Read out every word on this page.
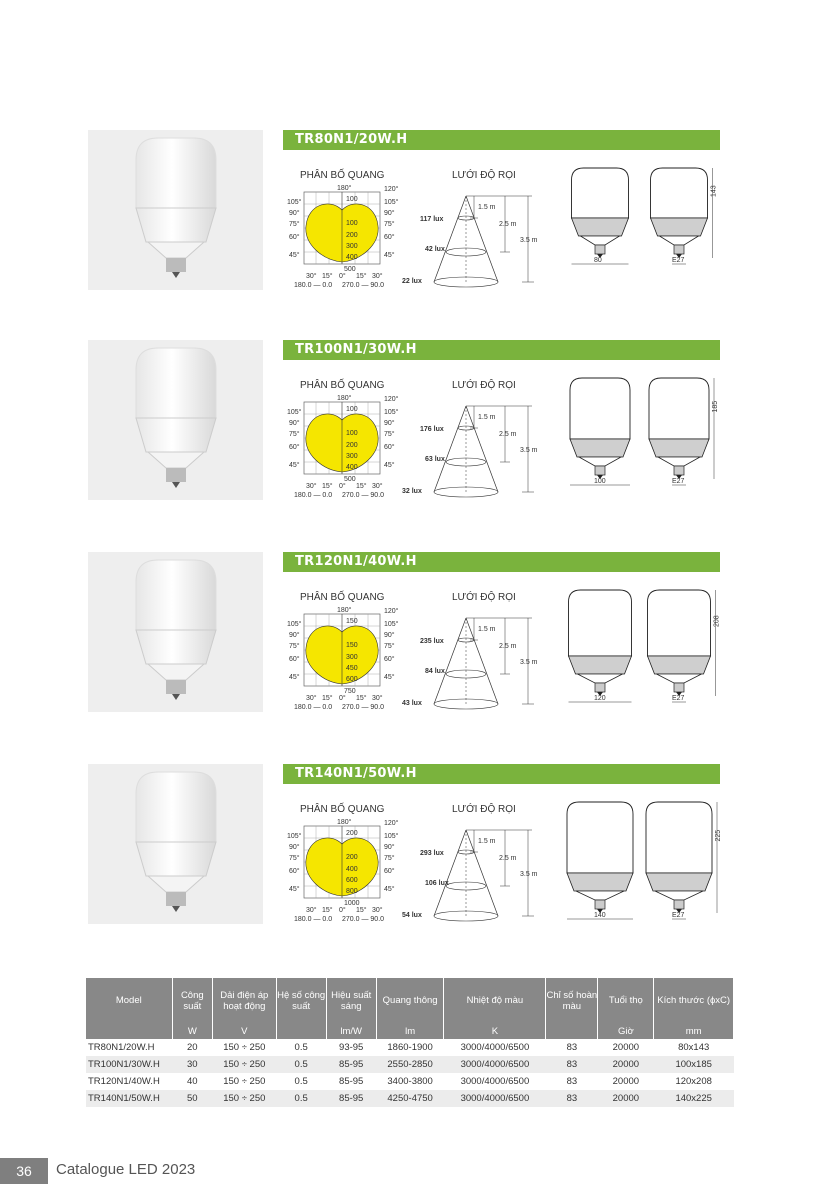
TR80N1/20W.H
PHÂN BỐ QUANG	LƯỚI ĐỘ RỌI
180°
100
100
200
300
400
500
105°
90°
75°
60°
45°
120°
105°
90°
75°
60°
45°
30° 15° 0° 15° 30°
180.0 — 0.0 270.0 — 90.0
1.5 m
2.5 m
3.5 m
117 lux
42 lux
22 lux
80	E27
143
TR100N1/30W.H
PHÂN BỐ QUANG	LƯỚI ĐỘ RỌI
180°
100
100
200
300
400
500
105°
90°
75°
60°
45°
120°
105°
90°
75°
60°
45°
30° 15° 0° 15° 30°
180.0 — 0.0 270.0 — 90.0
1.5 m
2.5 m
3.5 m
176 lux
63 lux
32 lux
100	E27
185
TR120N1/40W.H
PHÂN BỐ QUANG	LƯỚI ĐỘ RỌI
180°
150
150
300
450
600
750
105°
90°
75°
60°
45°
120°
105°
90°
75°
60°
45°
30° 15° 0° 15° 30°
180.0 — 0.0 270.0 — 90.0
1.5 m
2.5 m
3.5 m
235 lux
84 lux
43 lux
120	E27
208
TR140N1/50W.H
PHÂN BỐ QUANG	LƯỚI ĐỘ RỌI
180°
200
200
400
600
800
1000
105°
90°
75°
60°
45°
120°
105°
90°
75°
60°
45°
30° 15° 0° 15° 30°
180.0 — 0.0 270.0 — 90.0
1.5 m
2.5 m
3.5 m
293 lux
106 lux
54 lux	140	E27
225
Model	Công suất	Dải điện áp hoạt động	Hệ số công suất	Hiệu suất sáng	Quang thông	Nhiệt độ màu	Chỉ số hoàn màu	Tuổi thọ	Kích thước (ϕxC)
	W	V		lm/W	lm	K		Giờ	mm
TR80N1/20W.H	20	150 ÷ 250	0.5	93-95	1860-1900	3000/4000/6500	83	20000	80x143
TR100N1/30W.H	30	150 ÷ 250	0.5	85-95	2550-2850	3000/4000/6500	83	20000	100x185
TR120N1/40W.H	40	150 ÷ 250	0.5	85-95	3400-3800	3000/4000/6500	83	20000	120x208
TR140N1/50W.H	50	150 ÷ 250	0.5	85-95	4250-4750	3000/4000/6500	83	20000	140x225
36	Catalogue LED 2023
